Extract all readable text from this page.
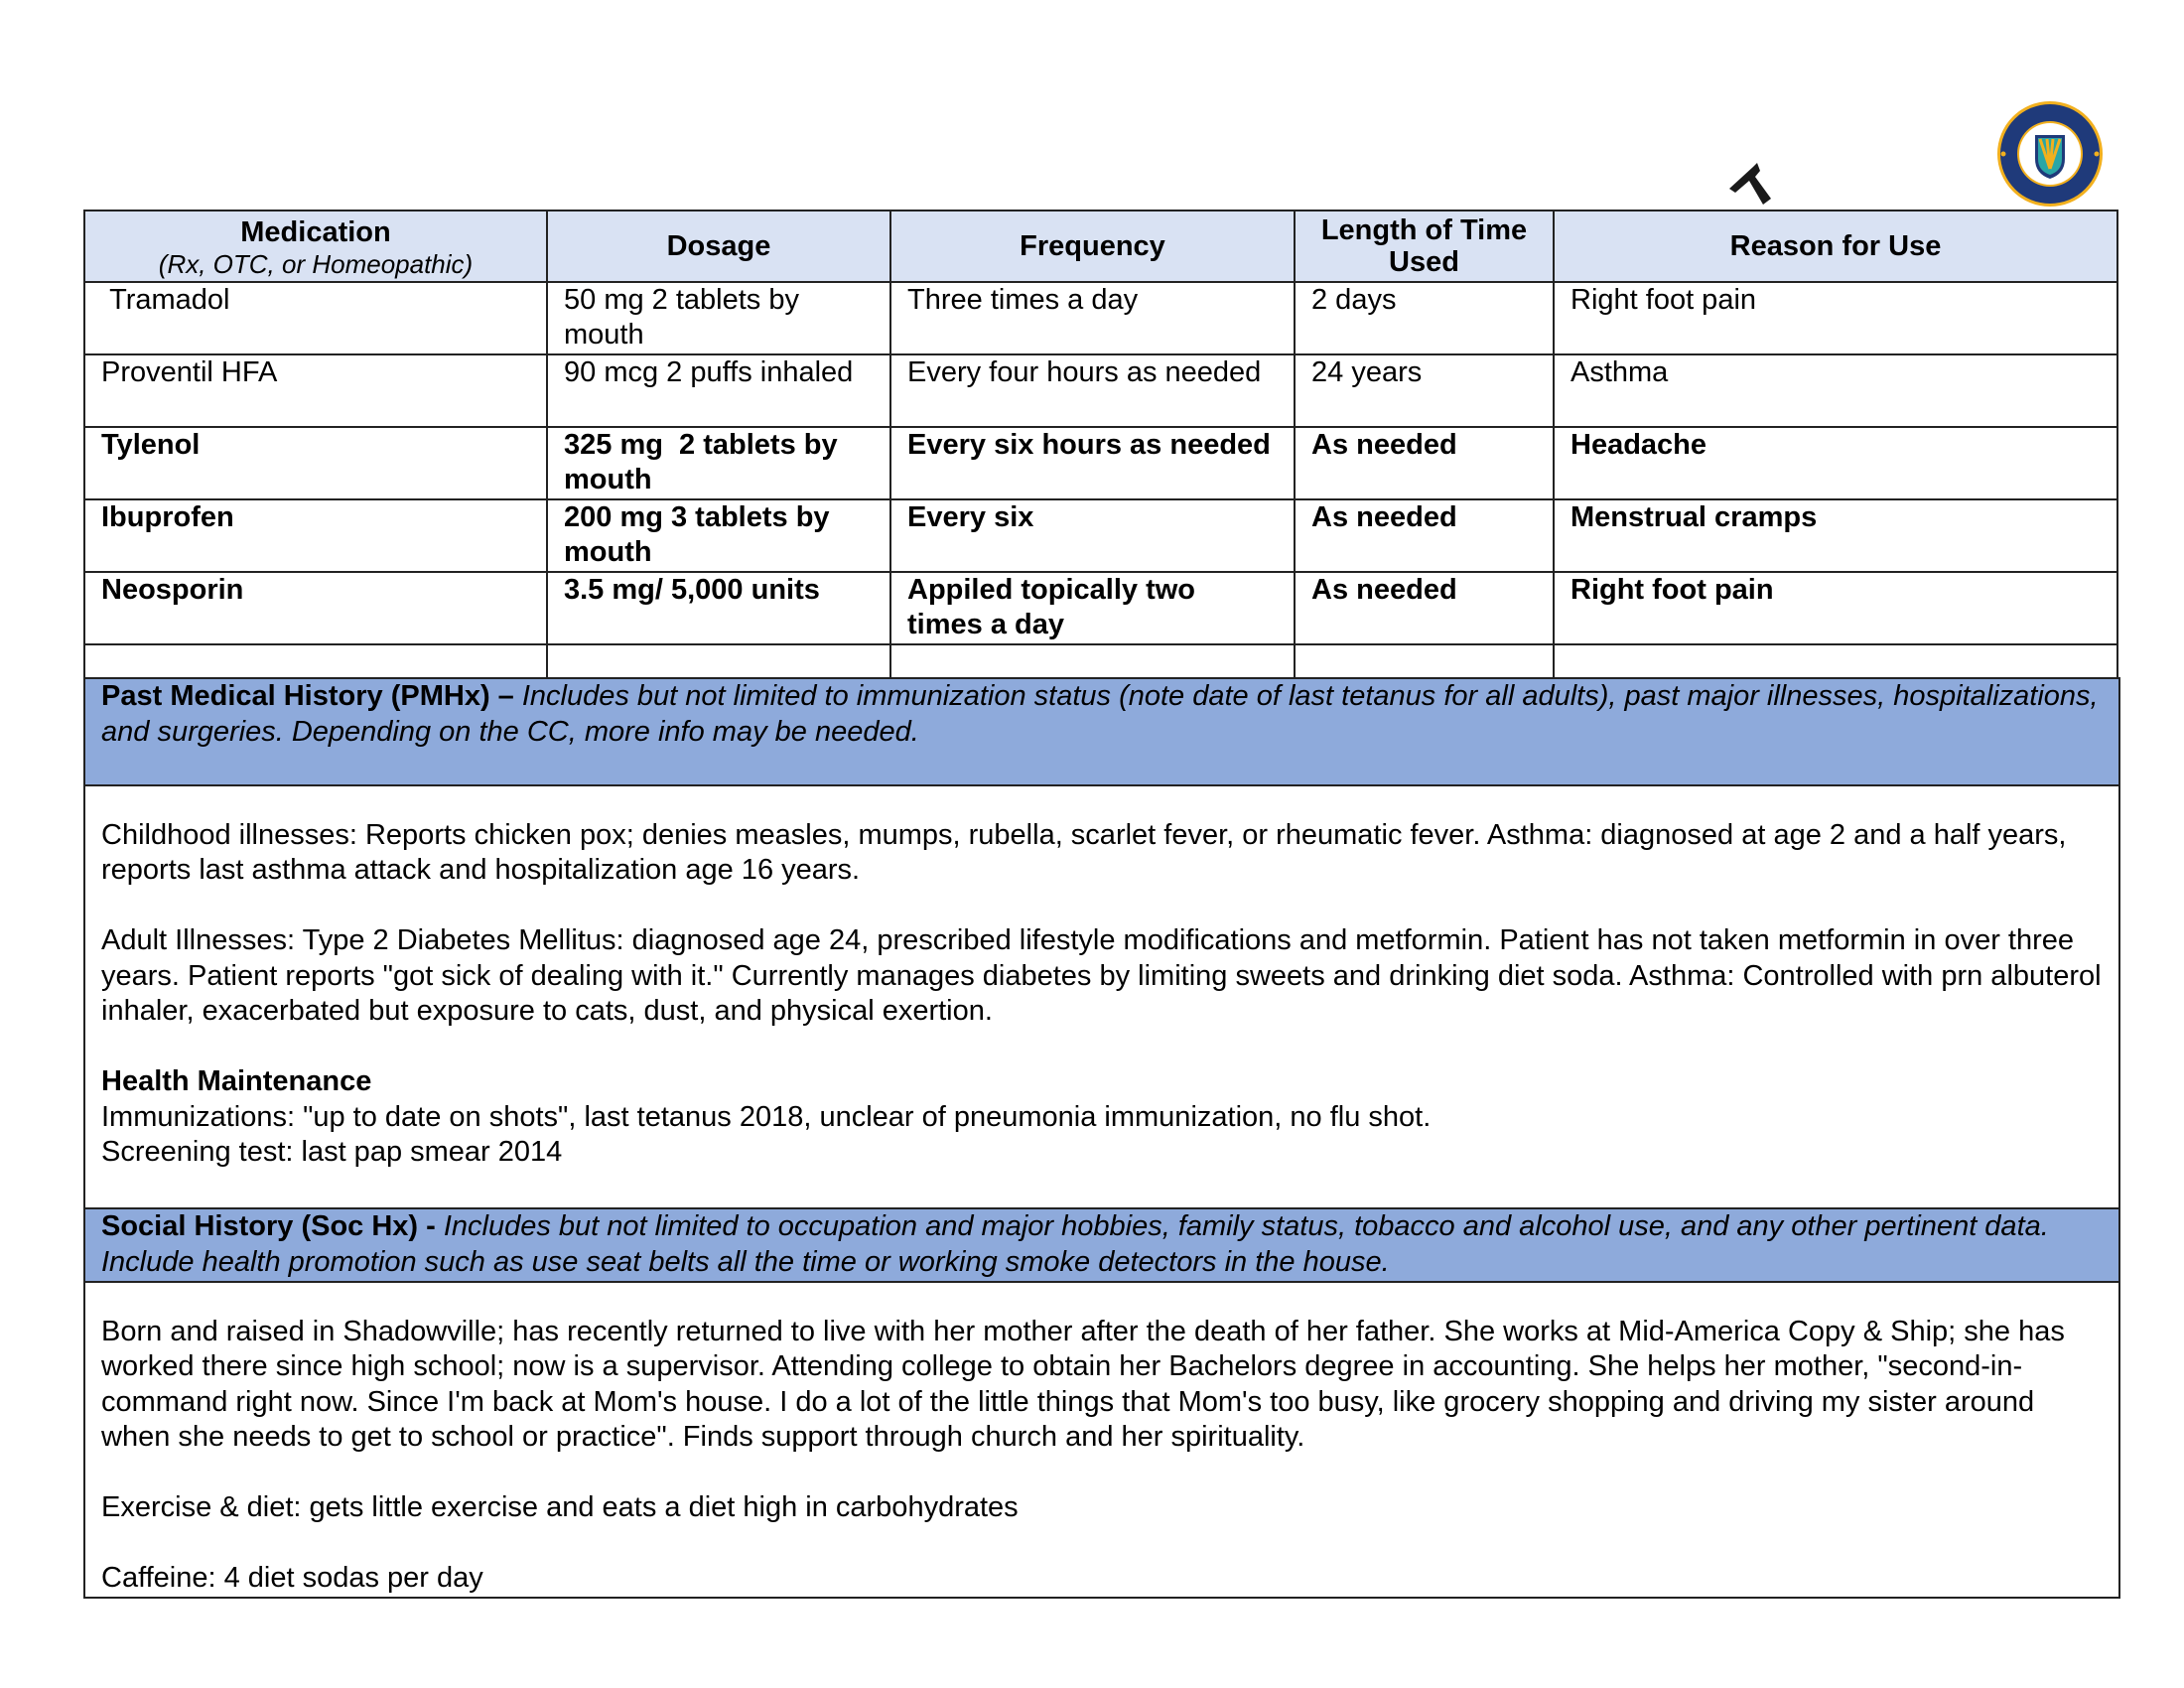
Medication
(Rx, OTC, or Homeopathic)	Dosage	Frequency	Length of Time Used	Reason for Use
Tramadol	50 mg 2 tablets by mouth	Three times a day	2 days	Right foot pain
Proventil HFA	90 mcg 2 puffs inhaled	Every four hours as needed	24 years	Asthma
Tylenol	325 mg  2 tablets by mouth	Every six hours as needed	As needed	Headache
Ibuprofen	200 mg 3 tablets by mouth	Every six	As needed	Menstrual cramps
Neosporin	3.5 mg/ 5,000 units	Appiled topically two times a day	As needed	Right foot pain

Past Medical History (PMHx) – Includes but not limited to immunization status (note date of last tetanus for all adults), past major illnesses, hospitalizations, and surgeries. Depending on the CC, more info may be needed.

Childhood illnesses: Reports chicken pox; denies measles, mumps, rubella, scarlet fever, or rheumatic fever. Asthma: diagnosed at age 2 and a half years, reports last asthma attack and hospitalization age 16 years.

Adult Illnesses: Type 2 Diabetes Mellitus: diagnosed age 24, prescribed lifestyle modifications and metformin. Patient has not taken metformin in over three years. Patient reports "got sick of dealing with it." Currently manages diabetes by limiting sweets and drinking diet soda. Asthma: Controlled with prn albuterol inhaler, exacerbated but exposure to cats, dust, and physical exertion.

Health Maintenance

Immunizations: "up to date on shots", last tetanus 2018, unclear of pneumonia immunization, no flu shot.

Screening test: last pap smear 2014

Social History (Soc Hx) - Includes but not limited to occupation and major hobbies, family status, tobacco and alcohol use, and any other pertinent data. Include health promotion such as use seat belts all the time or working smoke detectors in the house.

Born and raised in Shadowville; has recently returned to live with her mother after the death of her father. She works at Mid-America Copy & Ship; she has worked there since high school; now is a supervisor. Attending college to obtain her Bachelors degree in accounting. She helps her mother, "second-in-command right now. Since I'm back at Mom's house. I do a lot of the little things that Mom's too busy, like grocery shopping and driving my sister around when she needs to get to school or practice". Finds support through church and her spirituality.

Exercise & diet: gets little exercise and eats a diet high in carbohydrates

Caffeine: 4 diet sodas per day
